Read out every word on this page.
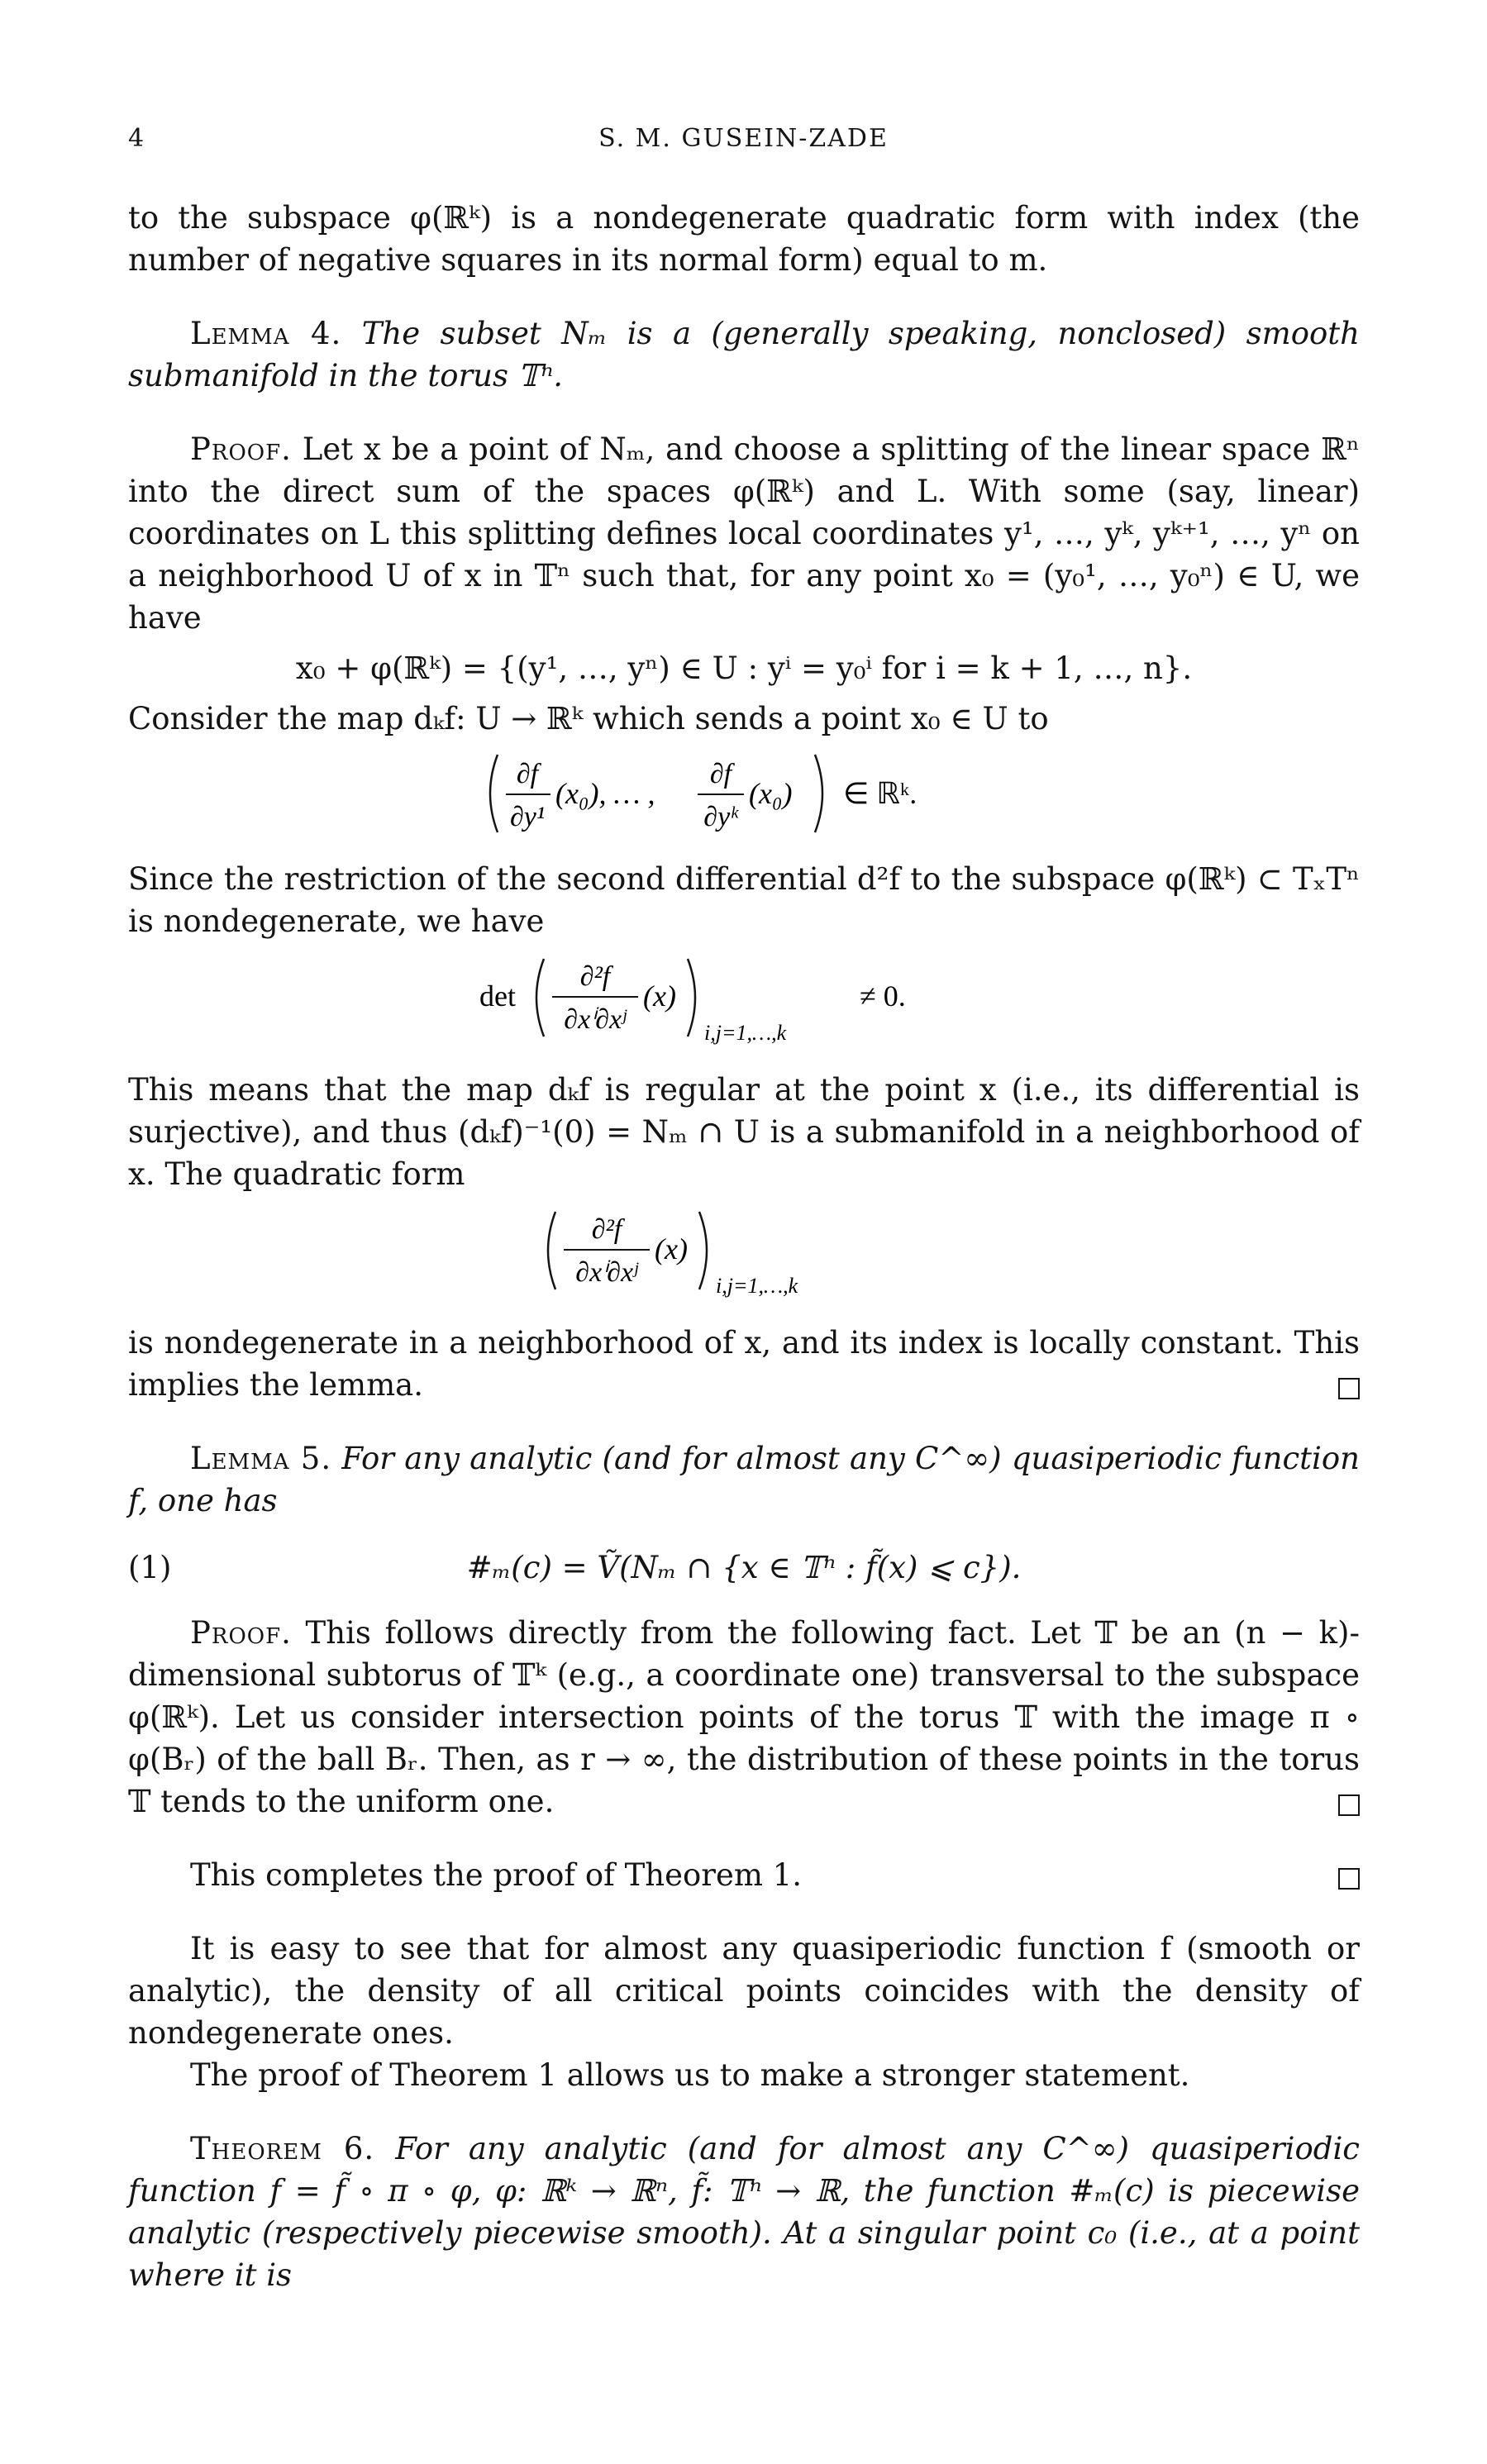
4	S. M. GUSEIN-ZADE

to the subspace φ(ℝᵏ) is a nondegenerate quadratic form with index (the number of negative squares in its normal form) equal to m.

Lemma 4. The subset Nₘ is a (generally speaking, nonclosed) smooth submanifold in the torus 𝕋ⁿ.

Proof. Let x be a point of Nₘ, and choose a splitting of the linear space ℝⁿ into the direct sum of the spaces φ(ℝᵏ) and L. With some (say, linear) coordinates on L this splitting defines local coordinates y¹, …, yᵏ, yᵏ⁺¹, …, yⁿ on a neighborhood U of x in 𝕋ⁿ such that, for any point x₀ = (y₀¹, …, y₀ⁿ) ∈ U, we have

x₀ + φ(ℝᵏ) = {(y¹, …, yⁿ) ∈ U : yⁱ = y₀ⁱ for i = k + 1, …, n}.

Consider the map dₖf: U → ℝᵏ which sends a point x₀ ∈ U to

∂f
∂y¹
(x₀), … ,
∂f
∂yᵏ
(x₀) ∈ ℝᵏ.

Since the restriction of the second differential d²f to the subspace φ(ℝᵏ) ⊂ TₓTⁿ is nondegenerate, we have

det
∂²f
∂xⁱ∂xʲ
(x)
i,j=1,…,k
≠ 0.

This means that the map dₖf is regular at the point x (i.e., its differential is surjective), and thus (dₖf)⁻¹(0) = Nₘ ∩ U is a submanifold in a neighborhood of x. The quadratic form

∂²f
∂xⁱ∂xʲ
(x)
i,j=1,…,k

is nondegenerate in a neighborhood of x, and its index is locally constant. This implies the lemma.

Lemma 5. For any analytic (and for almost any C^∞) quasiperiodic function f, one has

(1)	#ₘ(c) = Ṽ(Nₘ ∩ {x ∈ 𝕋ⁿ : f̃(x) ⩽ c}).

Proof. This follows directly from the following fact. Let 𝕋 be an (n − k)-dimensional subtorus of 𝕋ᵏ (e.g., a coordinate one) transversal to the subspace φ(ℝᵏ). Let us consider intersection points of the torus 𝕋 with the image π ∘ φ(Bᵣ) of the ball Bᵣ. Then, as r → ∞, the distribution of these points in the torus 𝕋 tends to the uniform one.

This completes the proof of Theorem 1.

It is easy to see that for almost any quasiperiodic function f (smooth or analytic), the density of all critical points coincides with the density of nondegenerate ones.

The proof of Theorem 1 allows us to make a stronger statement.

Theorem 6. For any analytic (and for almost any C^∞) quasiperiodic function f = f̃ ∘ π ∘ φ, φ: ℝᵏ → ℝⁿ, f̃: 𝕋ⁿ → ℝ, the function #ₘ(c) is piecewise analytic (respectively piecewise smooth). At a singular point c₀ (i.e., at a point where it is
